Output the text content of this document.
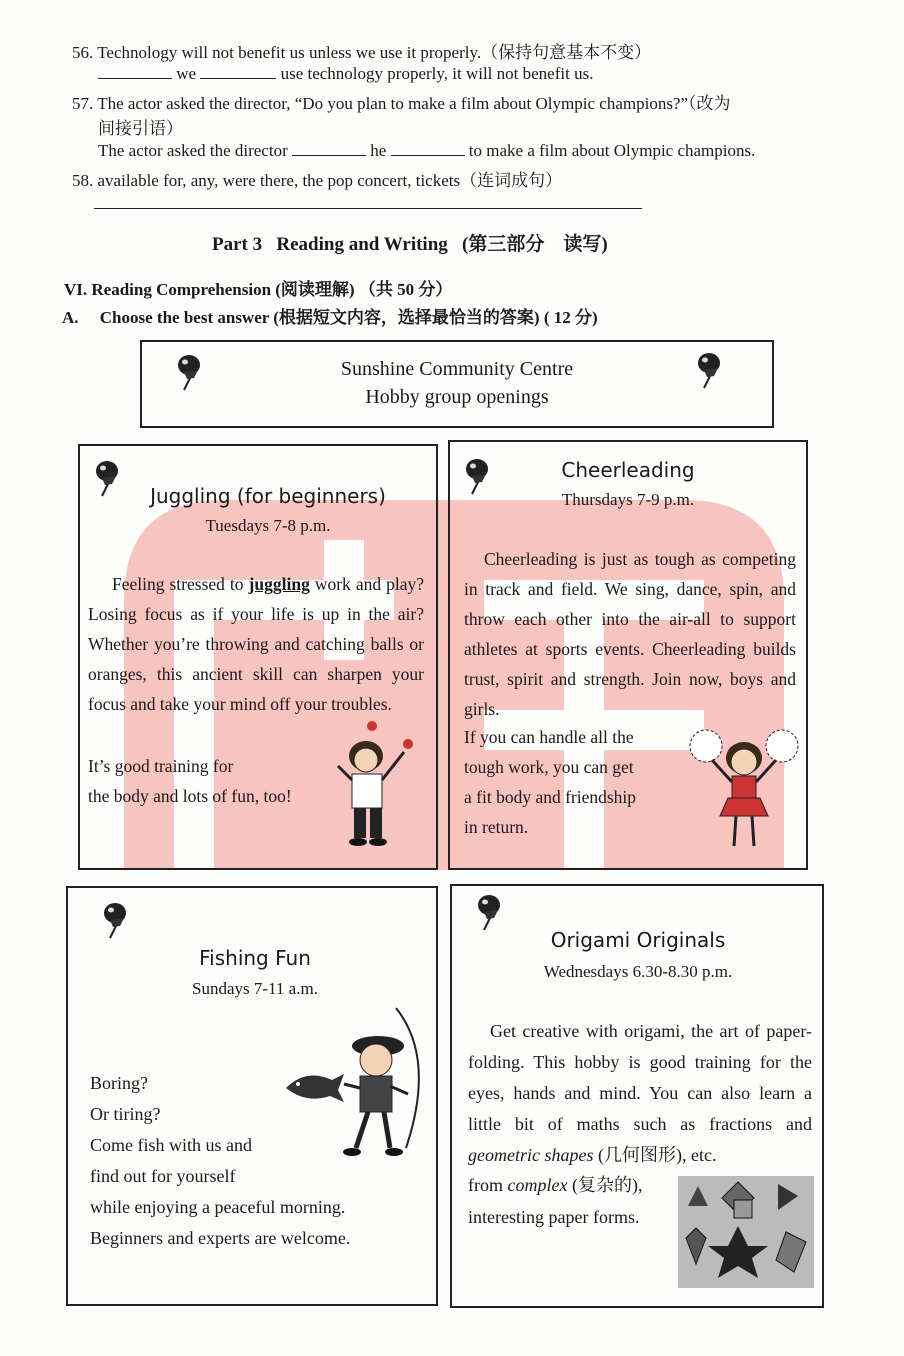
56. Technology will not benefit us unless we use it properly.（保持句意基本不变）
we	use technology properly, it will not benefit us.
57. The actor asked the director, “Do you plan to make a film about Olympic champions?”（改为
间接引语）
The actor asked the director	he	to make a film about Olympic champions.
58. available for, any, were there, the pop concert, tickets（连词成句）
Part 3 Reading and Writing (第三部分　读写)
VI. Reading Comprehension (阅读理解) （共 50 分）
A. Choose the best answer (根据短文内容，选择最恰当的答案) ( 12 分)
Sunshine Community Centre
Hobby group openings
Juggling (for beginners)
Tuesdays 7-8 p.m.
Feeling stressed to juggling work and play? Losing focus as if your life is up in the air? Whether you’re throwing and catching balls or oranges, this ancient skill can sharpen your focus and take your mind off your troubles.
It’s good training for
the body and lots of fun, too!
Cheerleading
Thursdays 7-9 p.m.
Cheerleading is just as tough as competing in track and field. We sing, dance, spin, and throw each other into the air-all to support athletes at sports events. Cheerleading builds trust, spirit and strength. Join now, boys and girls.
If you can handle all the
tough work, you can get
a fit body and friendship
in return.
Fishing Fun
Sundays 7-11 a.m.
Boring?
Or tiring?
Come fish with us and
find out for yourself
while enjoying a peaceful morning.
Beginners and experts are welcome.
Origami Originals
Wednesdays 6.30-8.30 p.m.
Get creative with origami, the art of paper-folding. This hobby is good training for the eyes, hands and mind. You can also learn a little bit of maths such as fractions and geometric shapes (几何图形), etc.
from complex (复杂的),
interesting paper forms.
